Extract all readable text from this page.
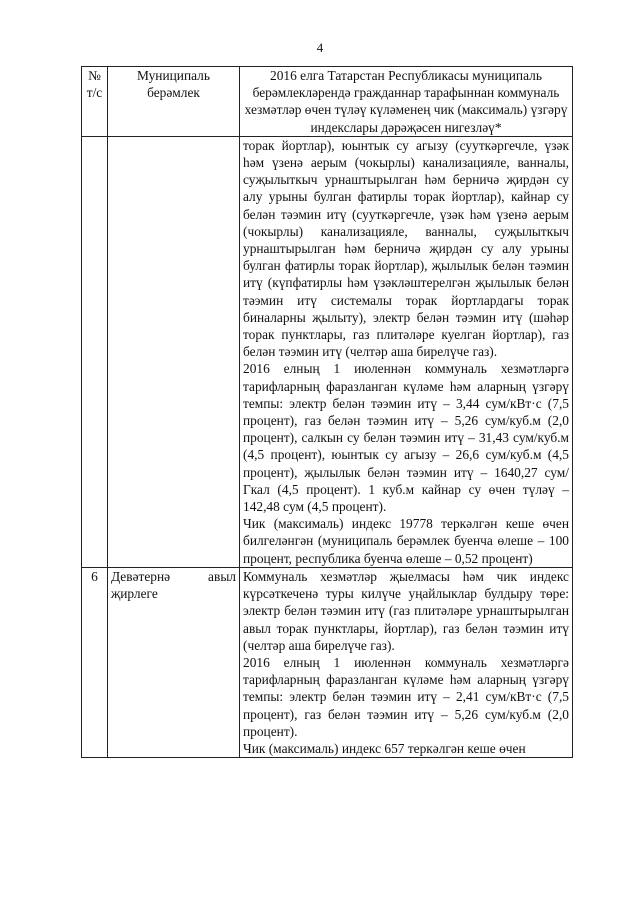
4
№ т/с	Муниципаль берәмлек	2016 елга Татарстан Республикасы муниципаль берәмлекләрендә гражданнар тарафыннан коммуналь хезмәтләр өчен түләү күләменең чик (максималь) үзгәрү индекслары дәрәҗәсен нигезләү*

		торак йортлар), юынтык су агызу (сууткәргечле, үзәк һәм үзенә аерым (чокырлы) канализацияле, ванналы, суҗылыткыч урнаштырылган һәм берничә җирдән су алу урыны булган фатирлы торак йортлар), кайнар су белән тәэмин итү (сууткәргечле, үзәк һәм үзенә аерым (чокырлы) канализацияле, ванналы, суҗылыткыч урнаштырылган һәм берничә җирдән су алу урыны булган фатирлы торак йортлар), җылылык белән тәэмин итү (күпфатирлы һәм үзәкләштерелгән җылылык белән тәэмин итү системалы торак йортлардагы торак биналарны җылыту), электр белән тәэмин итү (шәһәр торак пунктлары, газ плитәләре куелган йортлар), газ белән тәэмин итү (челтәр аша бирелүче газ).

2016 елның 1 июленнән коммуналь хезмәтләргә тарифларның фаразланган күләме һәм аларның үзгәрү темпы: электр белән тәэмин итү – 3,44 сум/кВт·с (7,5 процент), газ белән тәэмин итү – 5,26 сум/куб.м (2,0 процент), салкын су белән тәэмин итү – 31,43 сум/куб.м (4,5 процент), юынтык су агызу – 26,6 сум/куб.м (4,5 процент), җылылык белән тәэмин итү – 1640,27 сум/Гкал (4,5 процент). 1 куб.м кайнар су өчен түләү – 142,48 сум (4,5 процент).

Чик (максималь) индекс 19778 теркәлгән кеше өчен билгеләнгән (муниципаль берәмлек буенча өлеше – 100 процент, республика буенча өлеше – 0,52 процент)

6	Девәтернә авыл җирлеге	Коммуналь хезмәтләр җыелмасы һәм чик индекс күрсәткеченә туры килүче уңайлыклар булдыру төре: электр белән тәэмин итү (газ плитәләре урнаштырылган авыл торак пунктлары, йортлар), газ белән тәэмин итү (челтәр аша бирелүче газ).

2016 елның 1 июленнән коммуналь хезмәтләргә тарифларның фаразланган күләме һәм аларның үзгәрү темпы: электр белән тәэмин итү – 2,41 сум/кВт·с (7,5 процент), газ белән тәэмин итү – 5,26 сум/куб.м (2,0 процент).

Чик (максималь) индекс 657 теркәлгән кеше өчен
